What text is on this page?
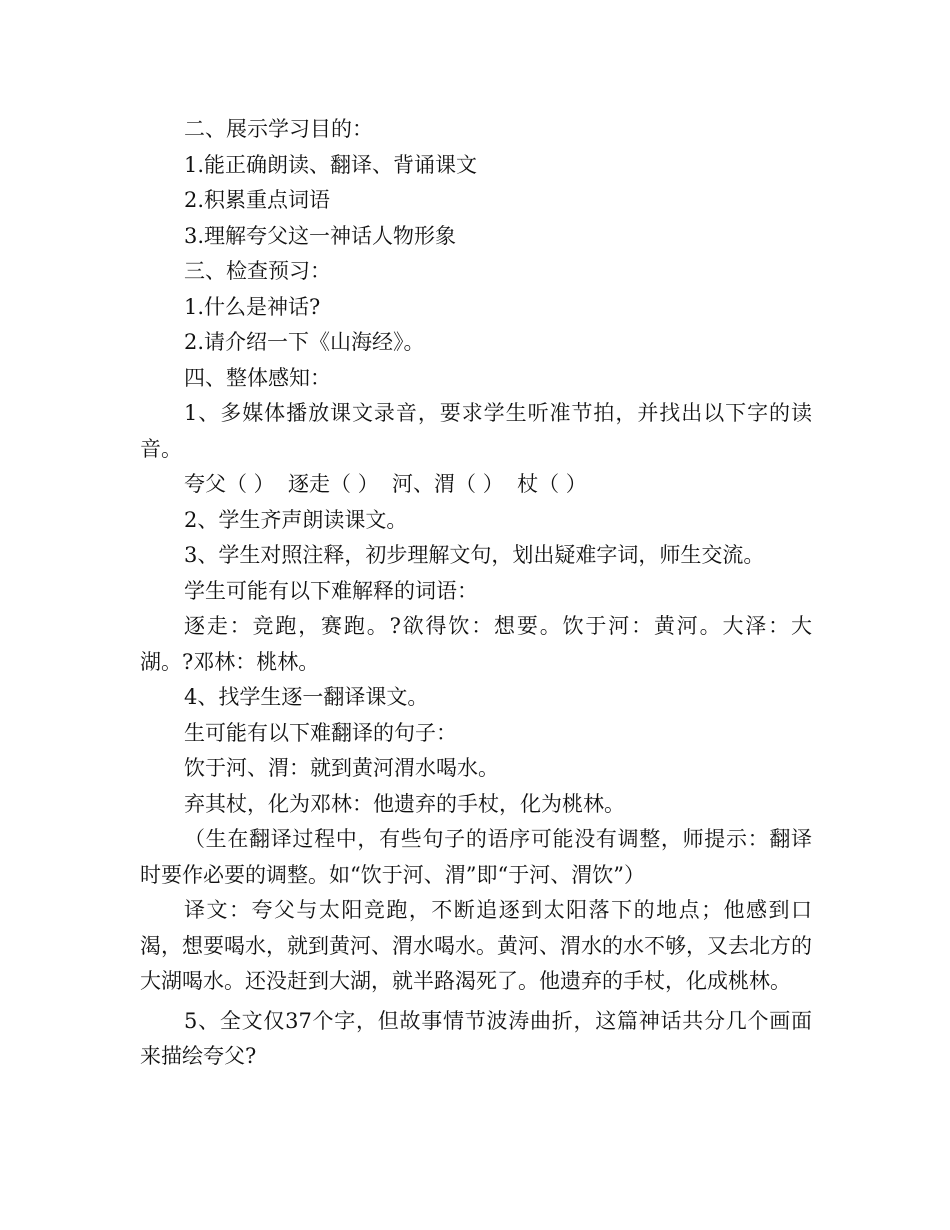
二、展示学习目的：

1.能正确朗读、翻译、背诵课文

2.积累重点词语

3.理解夸父这一神话人物形象

三、检查预习：

1.什么是神话?

2.请介绍一下《山海经》。

四、整体感知：

1、多媒体播放课文录音，要求学生听准节拍，并找出以下字的读音。

夸父（ ）  逐走（ ）  河、渭（ ）  杖（ ）

2、学生齐声朗读课文。

3、学生对照注释，初步理解文句，划出疑难字词，师生交流。

学生可能有以下难解释的词语：

逐走：竞跑，赛跑。?欲得饮：想要。饮于河：黄河。大泽：大湖。?邓林：桃林。

4、找学生逐一翻译课文。

生可能有以下难翻译的句子：

饮于河、渭：就到黄河渭水喝水。

弃其杖，化为邓林：他遗弃的手杖，化为桃林。

（生在翻译过程中，有些句子的语序可能没有调整，师提示：翻译时要作必要的调整。如“饮于河、渭”即“于河、渭饮”）

译文：夸父与太阳竞跑，不断追逐到太阳落下的地点；他感到口渴，想要喝水，就到黄河、渭水喝水。黄河、渭水的水不够，又去北方的大湖喝水。还没赶到大湖，就半路渴死了。他遗弃的手杖，化成桃林。

5、全文仅37个字，但故事情节波涛曲折，这篇神话共分几个画面来描绘夸父?
